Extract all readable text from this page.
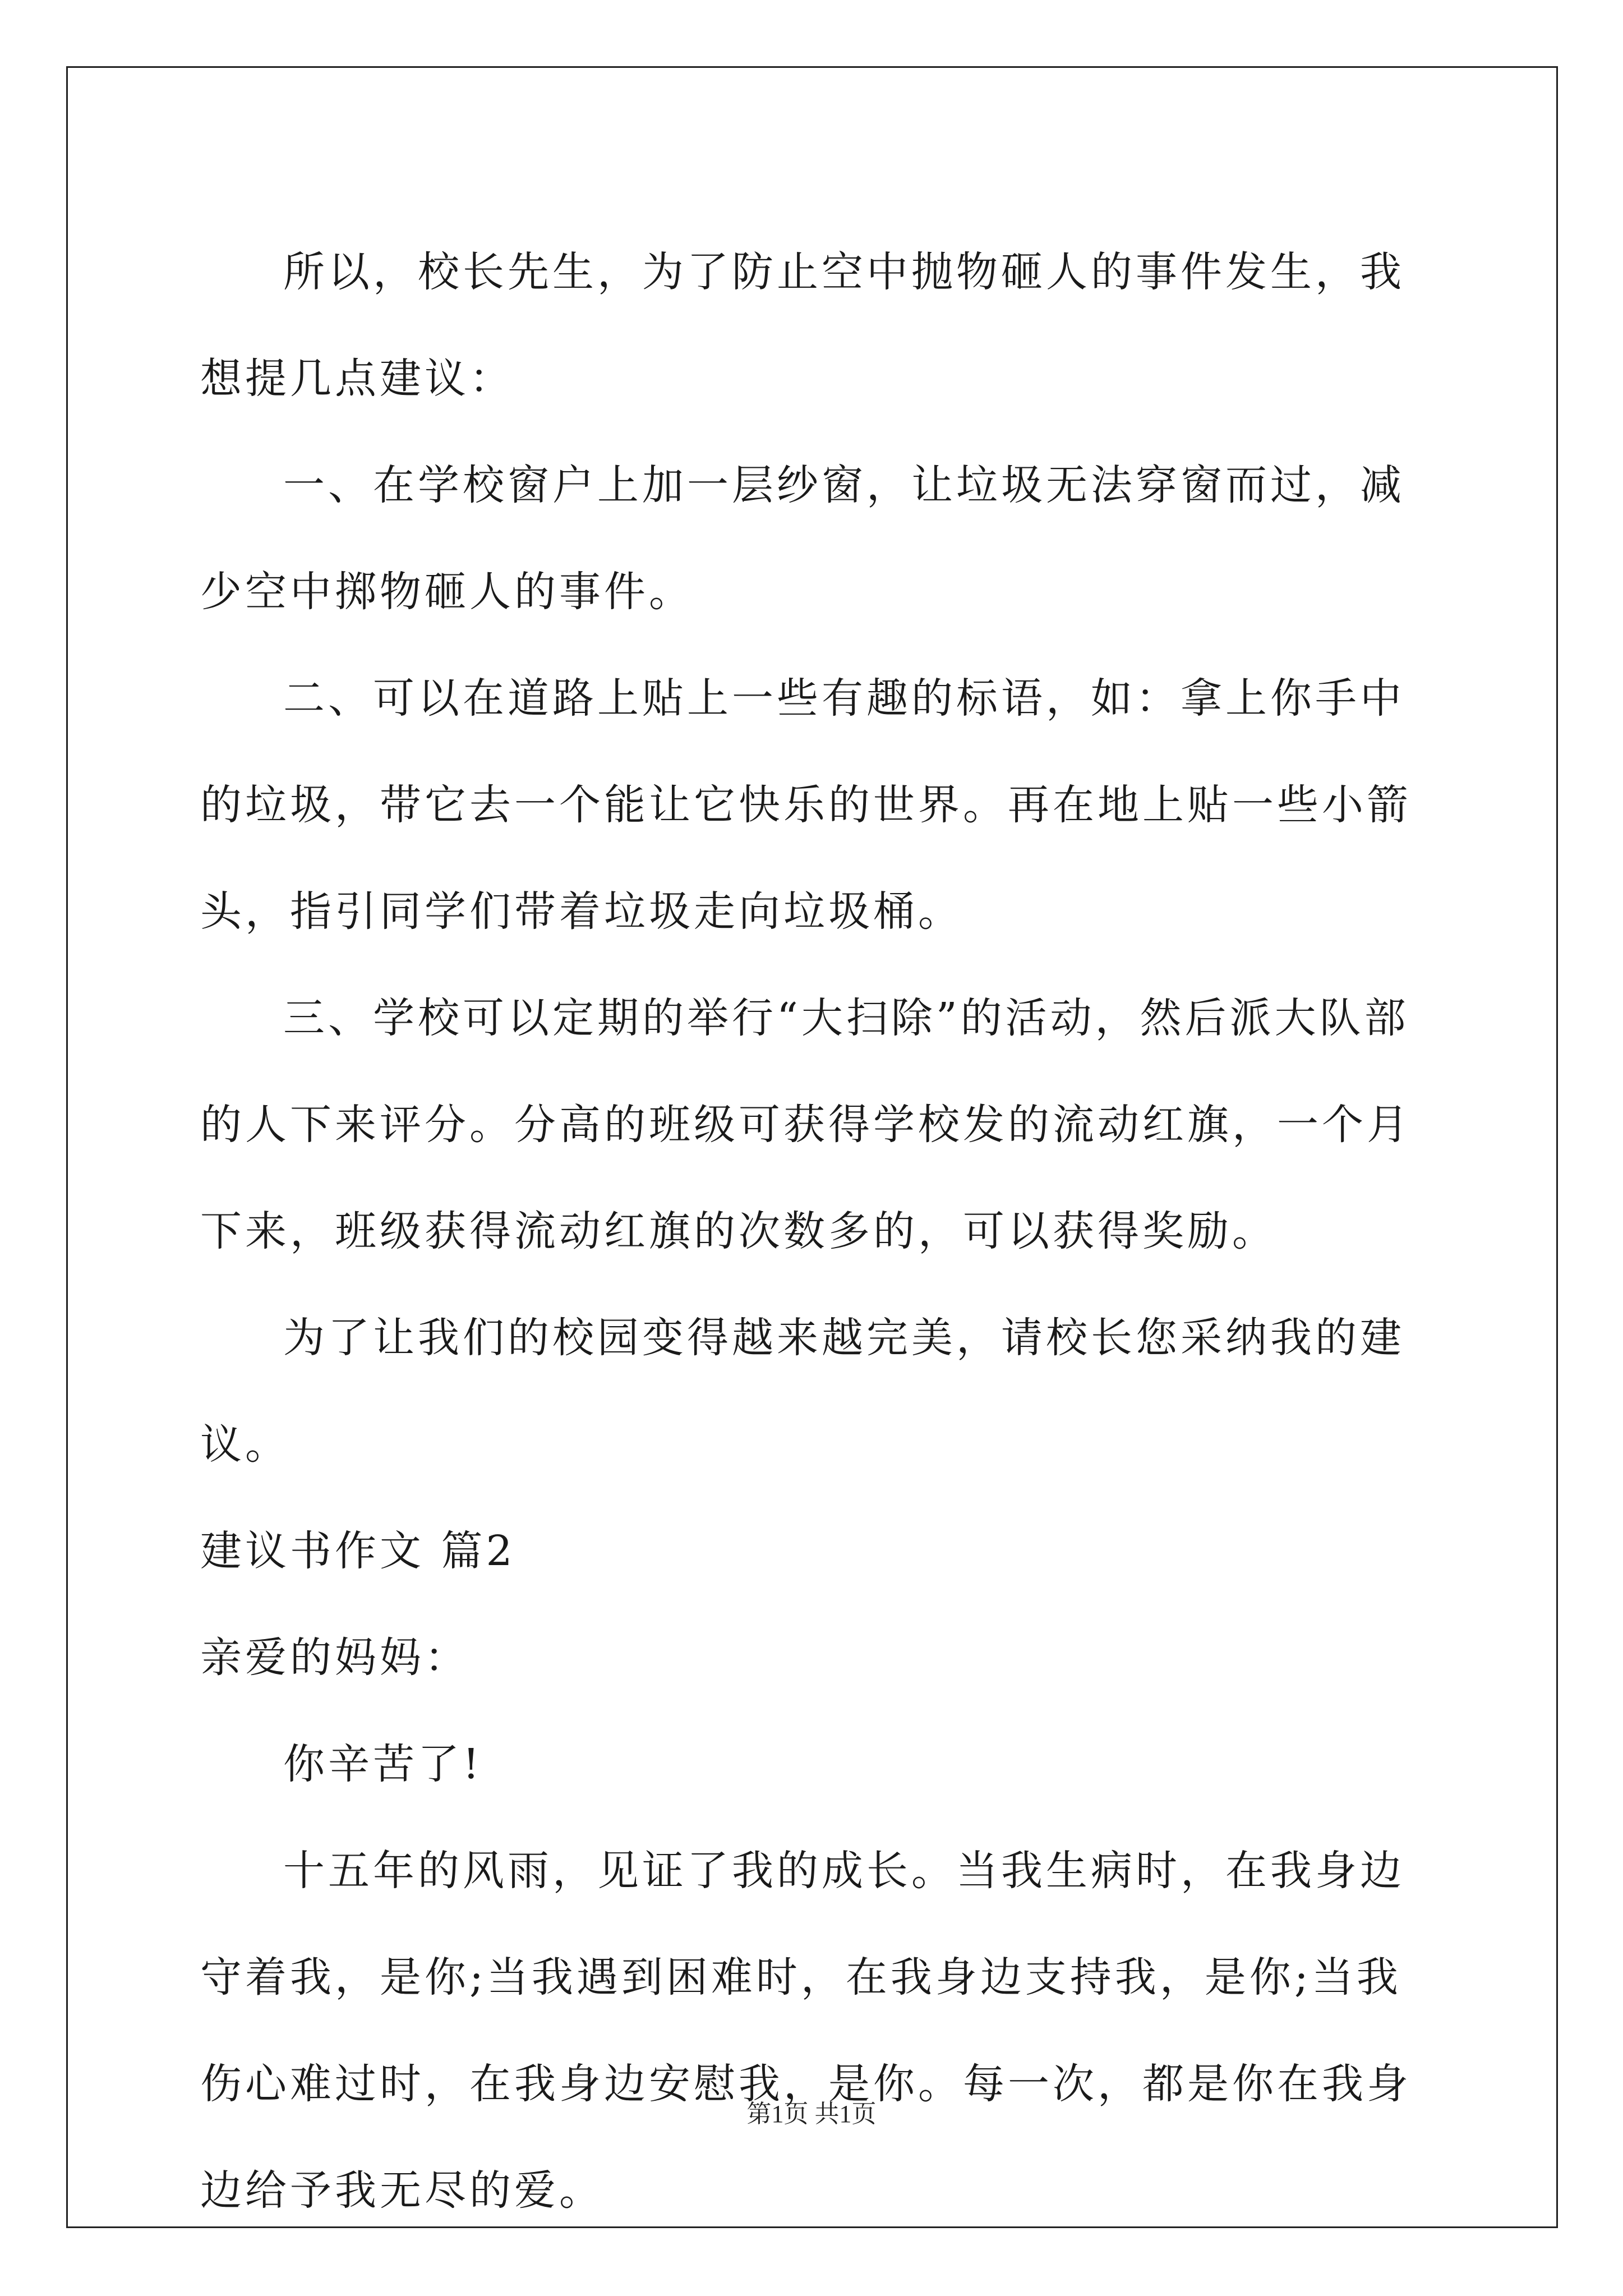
所以，校长先生，为了防止空中抛物砸人的事件发生，我想提几点建议：

一、在学校窗户上加一层纱窗，让垃圾无法穿窗而过，减少空中掷物砸人的事件。

二、可以在道路上贴上一些有趣的标语，如：拿上你手中的垃圾，带它去一个能让它快乐的世界。再在地上贴一些小箭头，指引同学们带着垃圾走向垃圾桶。

三、学校可以定期的举行“大扫除”的活动，然后派大队部的人下来评分。分高的班级可获得学校发的流动红旗，一个月下来，班级获得流动红旗的次数多的，可以获得奖励。

为了让我们的校园变得越来越完美，请校长您采纳我的建议。

建议书作文 篇2

亲爱的妈妈：

你辛苦了!

十五年的风雨，见证了我的成长。当我生病时，在我身边守着我，是你;当我遇到困难时，在我身边支持我，是你;当我伤心难过时，在我身边安慰我，是你。每一次，都是你在我身边给予我无尽的爱。

第1页 共1页
